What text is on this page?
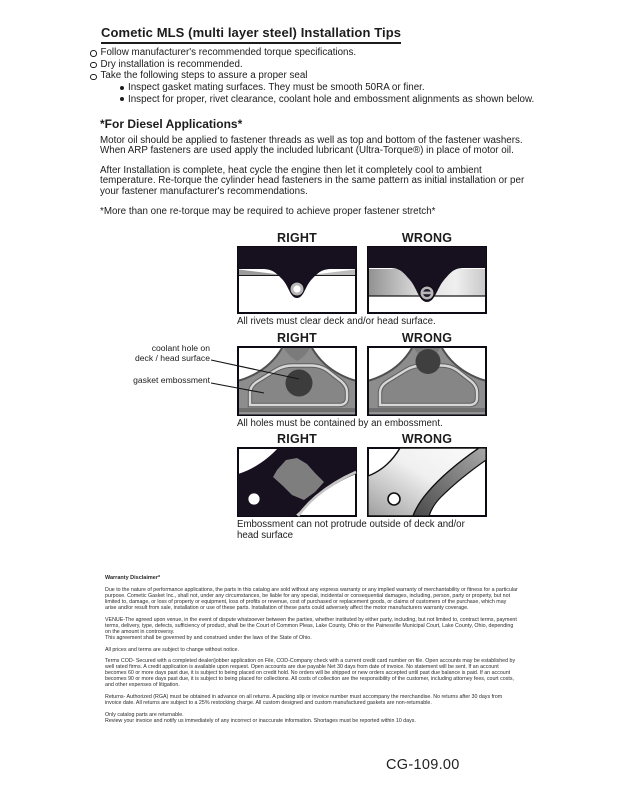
Cometic MLS (multi layer steel) Installation Tips
Follow manufacturer's recommended torque specifications.
Dry installation is recommended.
Take the following steps to assure a proper seal
Inspect gasket mating surfaces. They must be smooth 50RA or finer.
Inspect for proper, rivet clearance, coolant hole and embossment alignments as shown below.
*For Diesel Applications*

Motor oil should be applied to fastener threads as well as top and bottom of the fastener washers. When ARP fasteners are used apply the included lubricant (Ultra-Torque®) in place of motor oil.

After Installation is complete, heat cycle the engine then let it completely cool to ambient temperature. Re-torque the cylinder head fasteners in the same pattern as initial installation or per your fastener manufacturer's recommendations.

*More than one re-torque may be required to achieve proper fastener stretch*

RIGHT	WRONG
All rivets must clear deck and/or head surface.
RIGHT	WRONG
All holes must be contained by an embossment.
coolant hole on
deck / head surface
gasket embossment
RIGHT	WRONG
Embossment can not protrude outside of deck and/or head surface
Warranty Disclaimer*

Due to the nature of performance applications, the parts in this catalog are sold without any express warranty or any implied warranty of merchantability or fitness for a particular purpose. Cometic Gasket Inc., shall not, under any circumstances, be liable for any special, incidental or consequential damages, including, person, party or property, but not limited to, damage, or loss of property or equipment, loss of profits or revenue, cost of purchased or replacement goods, or claims of customers of the purchase, which may arise and/or result from sale, installation or use of these parts. Installation of these parts could adversely affect the motor manufacturers warranty coverage.

VENUE-The agreed upon venue, in the event of dispute whatsoever between the parties, whether instituted by either party, including, but not limited to, contract terms, payment terms, delivery, type, defects, sufficiency of product, shall be the Court of Common Pleas, Lake County, Ohio or the Painesville Municipal Court, Lake County, Ohio, depending on the amount in controversy.

This agreement shall be governed by and construed under the laws of the State of Ohio.

All prices and terms are subject to change without notice.

Terms COD- Secured with a completed dealer/jobber application on File, COD-Company check with a current credit card number on file. Open accounts may be established by well rated firms. A credit application is available upon request. Open accounts are due payable Net 30 days from date of invoice. No statement will be sent. If an account becomes 60 or more days past due, it is subject to being placed on credit hold. No orders will be shipped or new orders accepted until past due balance is paid. If an account becomes 90 or more days past due, it is subject to being placed for collections. All costs of collection are the responsibility of the customer, including attorney fees, court costs, and other expenses of litigation.

Returns- Authorized (RGA) must be obtained in advance on all returns. A packing slip or invoice number must accompany the merchandise. No returns after 30 days from invoice date. All returns are subject to a 25% restocking charge. All custom designed and custom manufactured gaskets are non-returnable.

Only catalog parts are returnable.

Review your invoice and notify us immediately of any incorrect or inaccurate information. Shortages must be reported within 10 days.

CG-109.00
